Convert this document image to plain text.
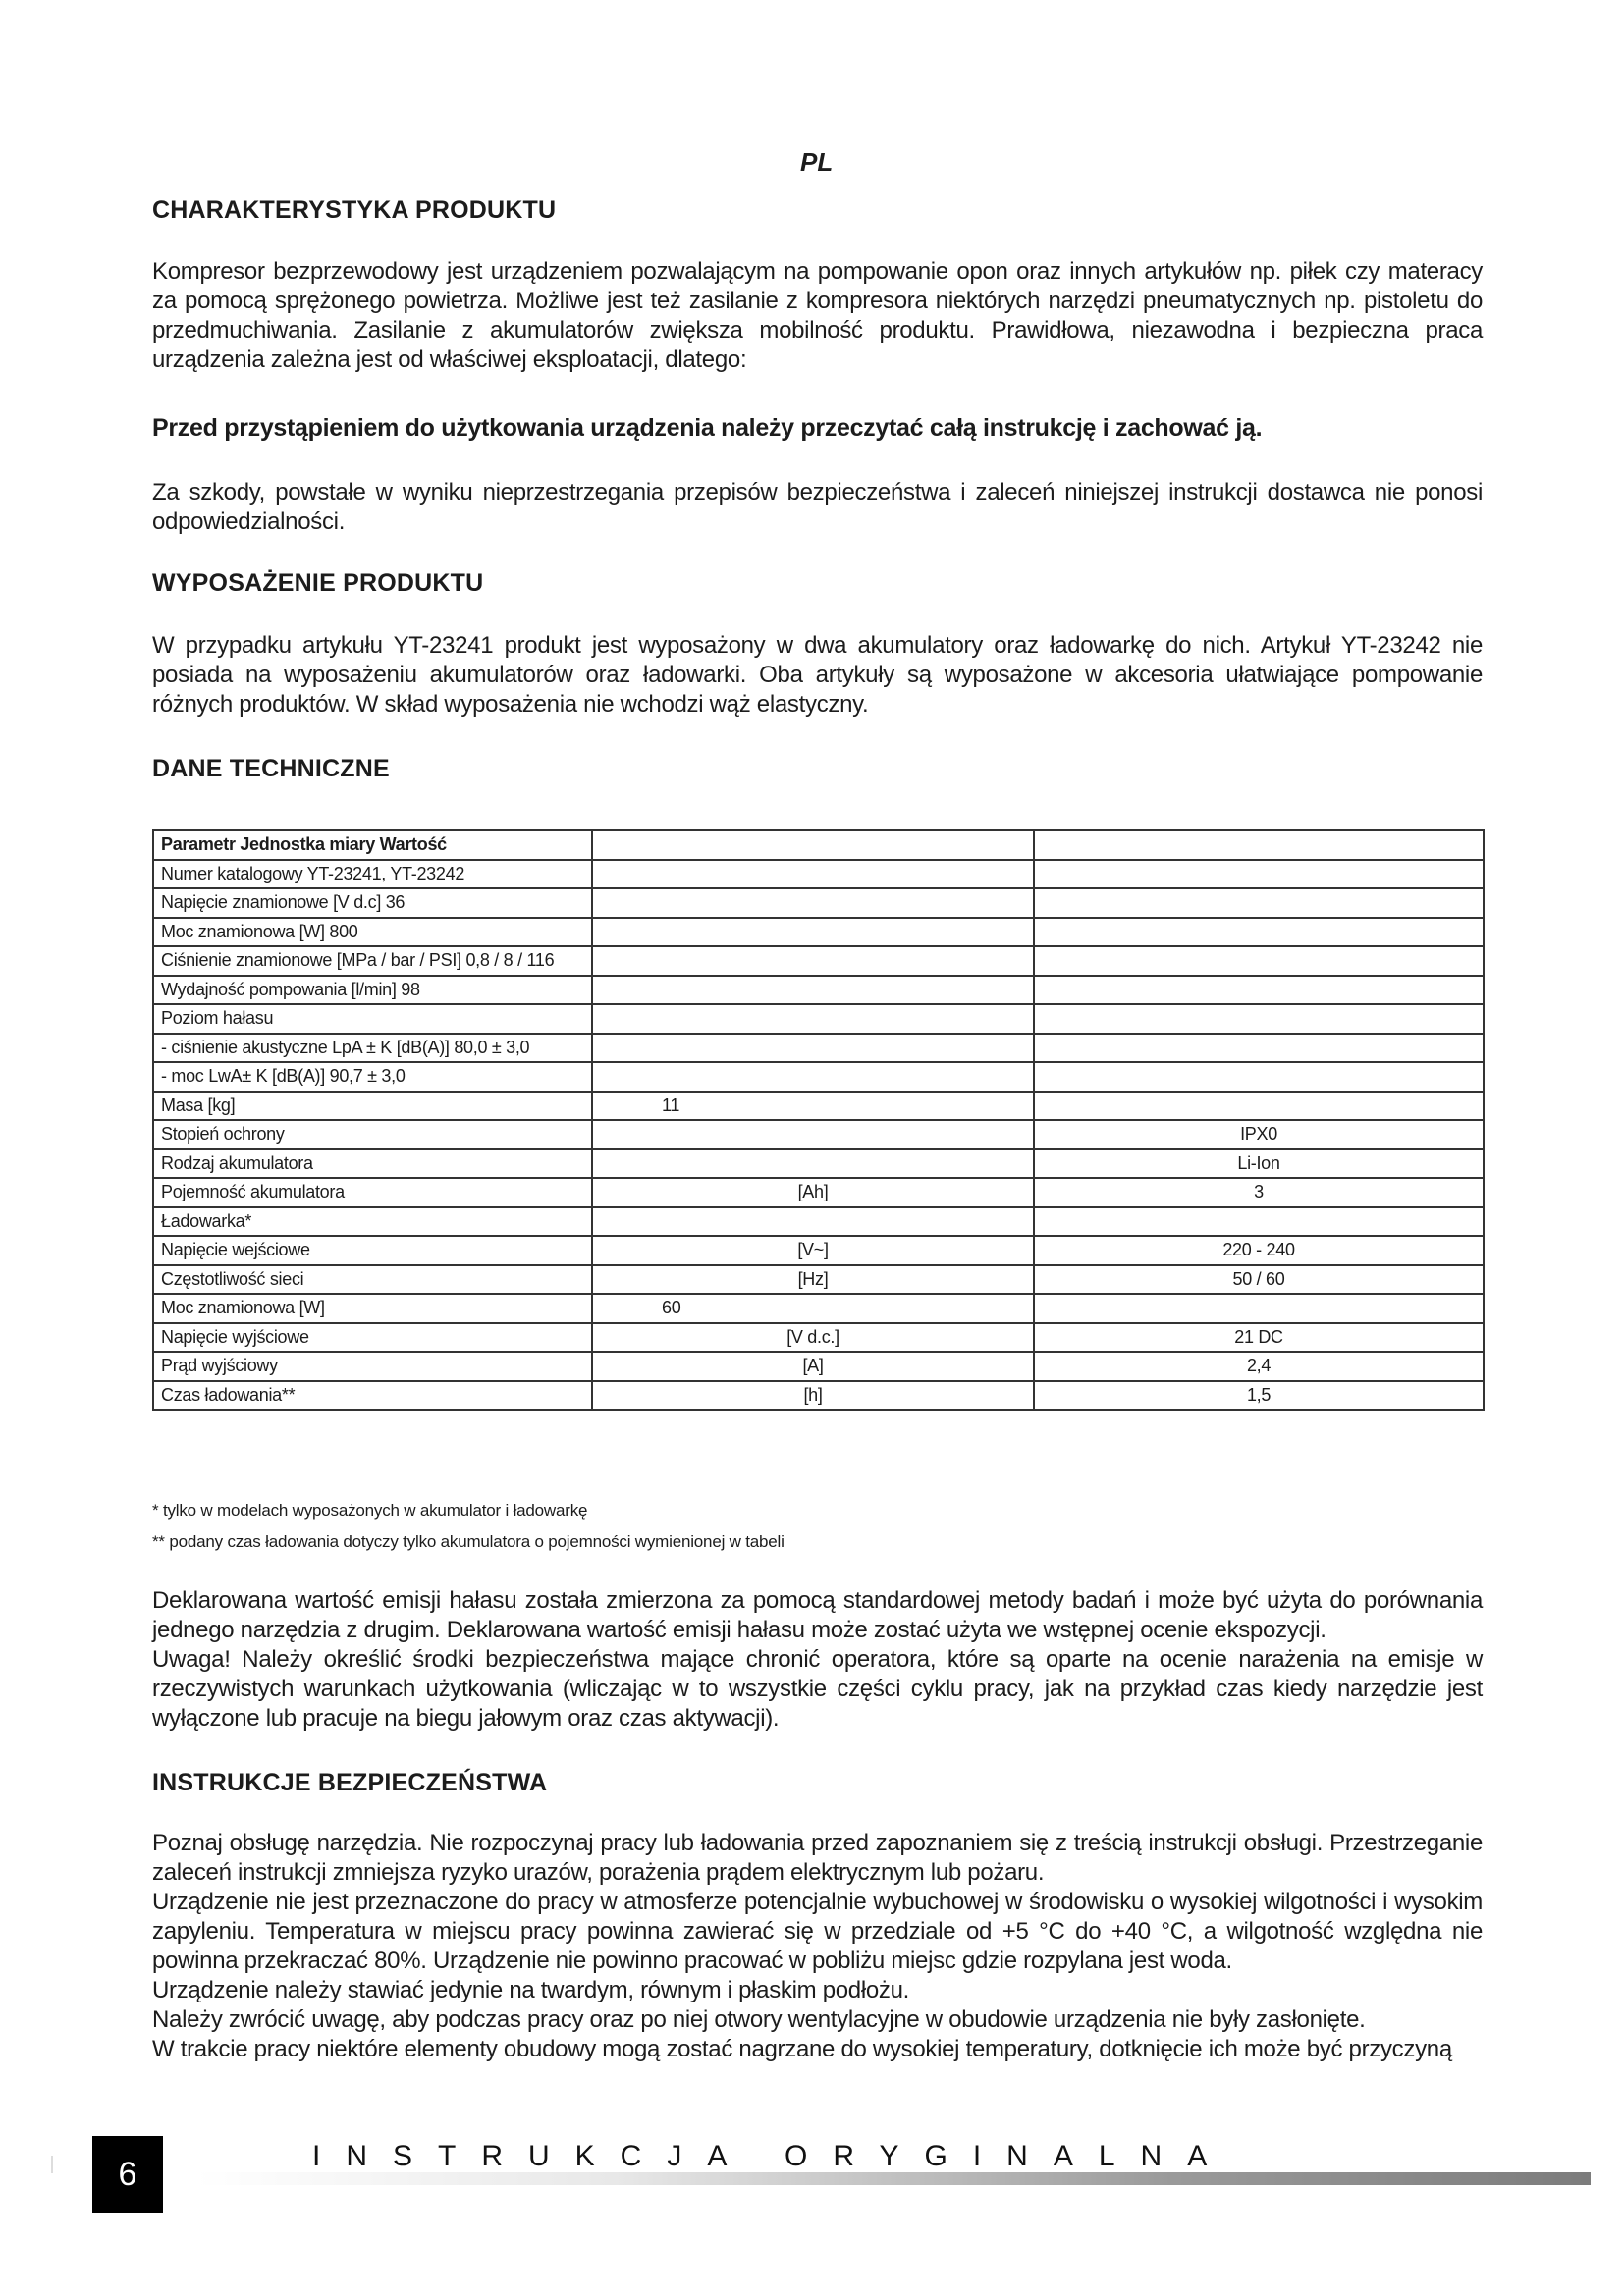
PL
CHARAKTERYSTYKA PRODUKTU
Kompresor bezprzewodowy jest urządzeniem pozwalającym na pompowanie opon oraz innych artykułów np. piłek czy materacy za pomocą sprężonego powietrza. Możliwe jest też zasilanie z kompresora niektórych narzędzi pneumatycznych np. pistoletu do przedmuchiwania. Zasilanie z akumulatorów zwiększa mobilność produktu. Prawidłowa, niezawodna i bezpieczna praca urządzenia zależna jest od właściwej eksploatacji, dlatego:
Przed przystąpieniem do użytkowania urządzenia należy przeczytać całą instrukcję i zachować ją.
Za szkody, powstałe w wyniku nieprzestrzegania przepisów bezpieczeństwa i zaleceń niniejszej instrukcji dostawca nie ponosi odpowiedzialności.
WYPOSAŻENIE PRODUKTU
W przypadku artykułu YT-23241 produkt jest wyposażony w dwa akumulatory oraz ładowarkę do nich. Artykuł YT-23242 nie posiada na wyposażeniu akumulatorów oraz ładowarki. Oba artykuły są wyposażone w akcesoria ułatwiające pompowanie różnych produktów. W skład wyposażenia nie wchodzi wąż elastyczny.
DANE TECHNICZNE
Parametr Jednostka miary Wartość		
Numer katalogowy YT-23241, YT-23242		
Napięcie znamionowe [V d.c] 36		
Moc znamionowa [W] 800		
Ciśnienie znamionowe [MPa / bar / PSI] 0,8 / 8 / 116		
Wydajność pompowania [l/min] 98		
Poziom hałasu		
- ciśnienie akustyczne LpA ± K [dB(A)] 80,0 ± 3,0		
- moc LwA± K [dB(A)] 90,7 ± 3,0		
Masa [kg]	11	
Stopień ochrony		IPX0
Rodzaj akumulatora		Li-Ion
Pojemność akumulatora	[Ah]	3
Ładowarka*		
Napięcie wejściowe	[V~]	220 - 240
Częstotliwość sieci	[Hz]	50 / 60
Moc znamionowa [W]	60	
Napięcie wyjściowe	[V d.c.]	21 DC
Prąd wyjściowy	[A]	2,4
Czas ładowania**	[h]	1,5
* tylko w modelach wyposażonych w akumulator i ładowarkę
** podany czas ładowania dotyczy tylko akumulatora o pojemności wymienionej w tabeli
Deklarowana wartość emisji hałasu została zmierzona za pomocą standardowej metody badań i może być użyta do porównania jednego narzędzia z drugim. Deklarowana wartość emisji hałasu może zostać użyta we wstępnej ocenie ekspozycji.
Uwaga! Należy określić środki bezpieczeństwa mające chronić operatora, które są oparte na ocenie narażenia na emisje w rzeczywistych warunkach użytkowania (wliczając w to wszystkie części cyklu pracy, jak na przykład czas kiedy narzędzie jest wyłączone lub pracuje na biegu jałowym oraz czas aktywacji).
INSTRUKCJE BEZPIECZEŃSTWA
Poznaj obsługę narzędzia. Nie rozpoczynaj pracy lub ładowania przed zapoznaniem się z treścią instrukcji obsługi. Przestrzeganie zaleceń instrukcji zmniejsza ryzyko urazów, porażenia prądem elektrycznym lub pożaru.
Urządzenie nie jest przeznaczone do pracy w atmosferze potencjalnie wybuchowej w środowisku o wysokiej wilgotności i wysokim zapyleniu. Temperatura w miejscu pracy powinna zawierać się w przedziale od +5 °C do +40 °C, a wilgotność względna nie powinna przekraczać 80%. Urządzenie nie powinno pracować w pobliżu miejsc gdzie rozpylana jest woda.
Urządzenie należy stawiać jedynie na twardym, równym i płaskim podłożu.
Należy zwrócić uwagę, aby podczas pracy oraz po niej otwory wentylacyjne w obudowie urządzenia nie były zasłonięte.
W trakcie pracy niektóre elementy obudowy mogą zostać nagrzane do wysokiej temperatury, dotknięcie ich może być przyczyną
6	INSTRUKCJA ORYGINALNA
